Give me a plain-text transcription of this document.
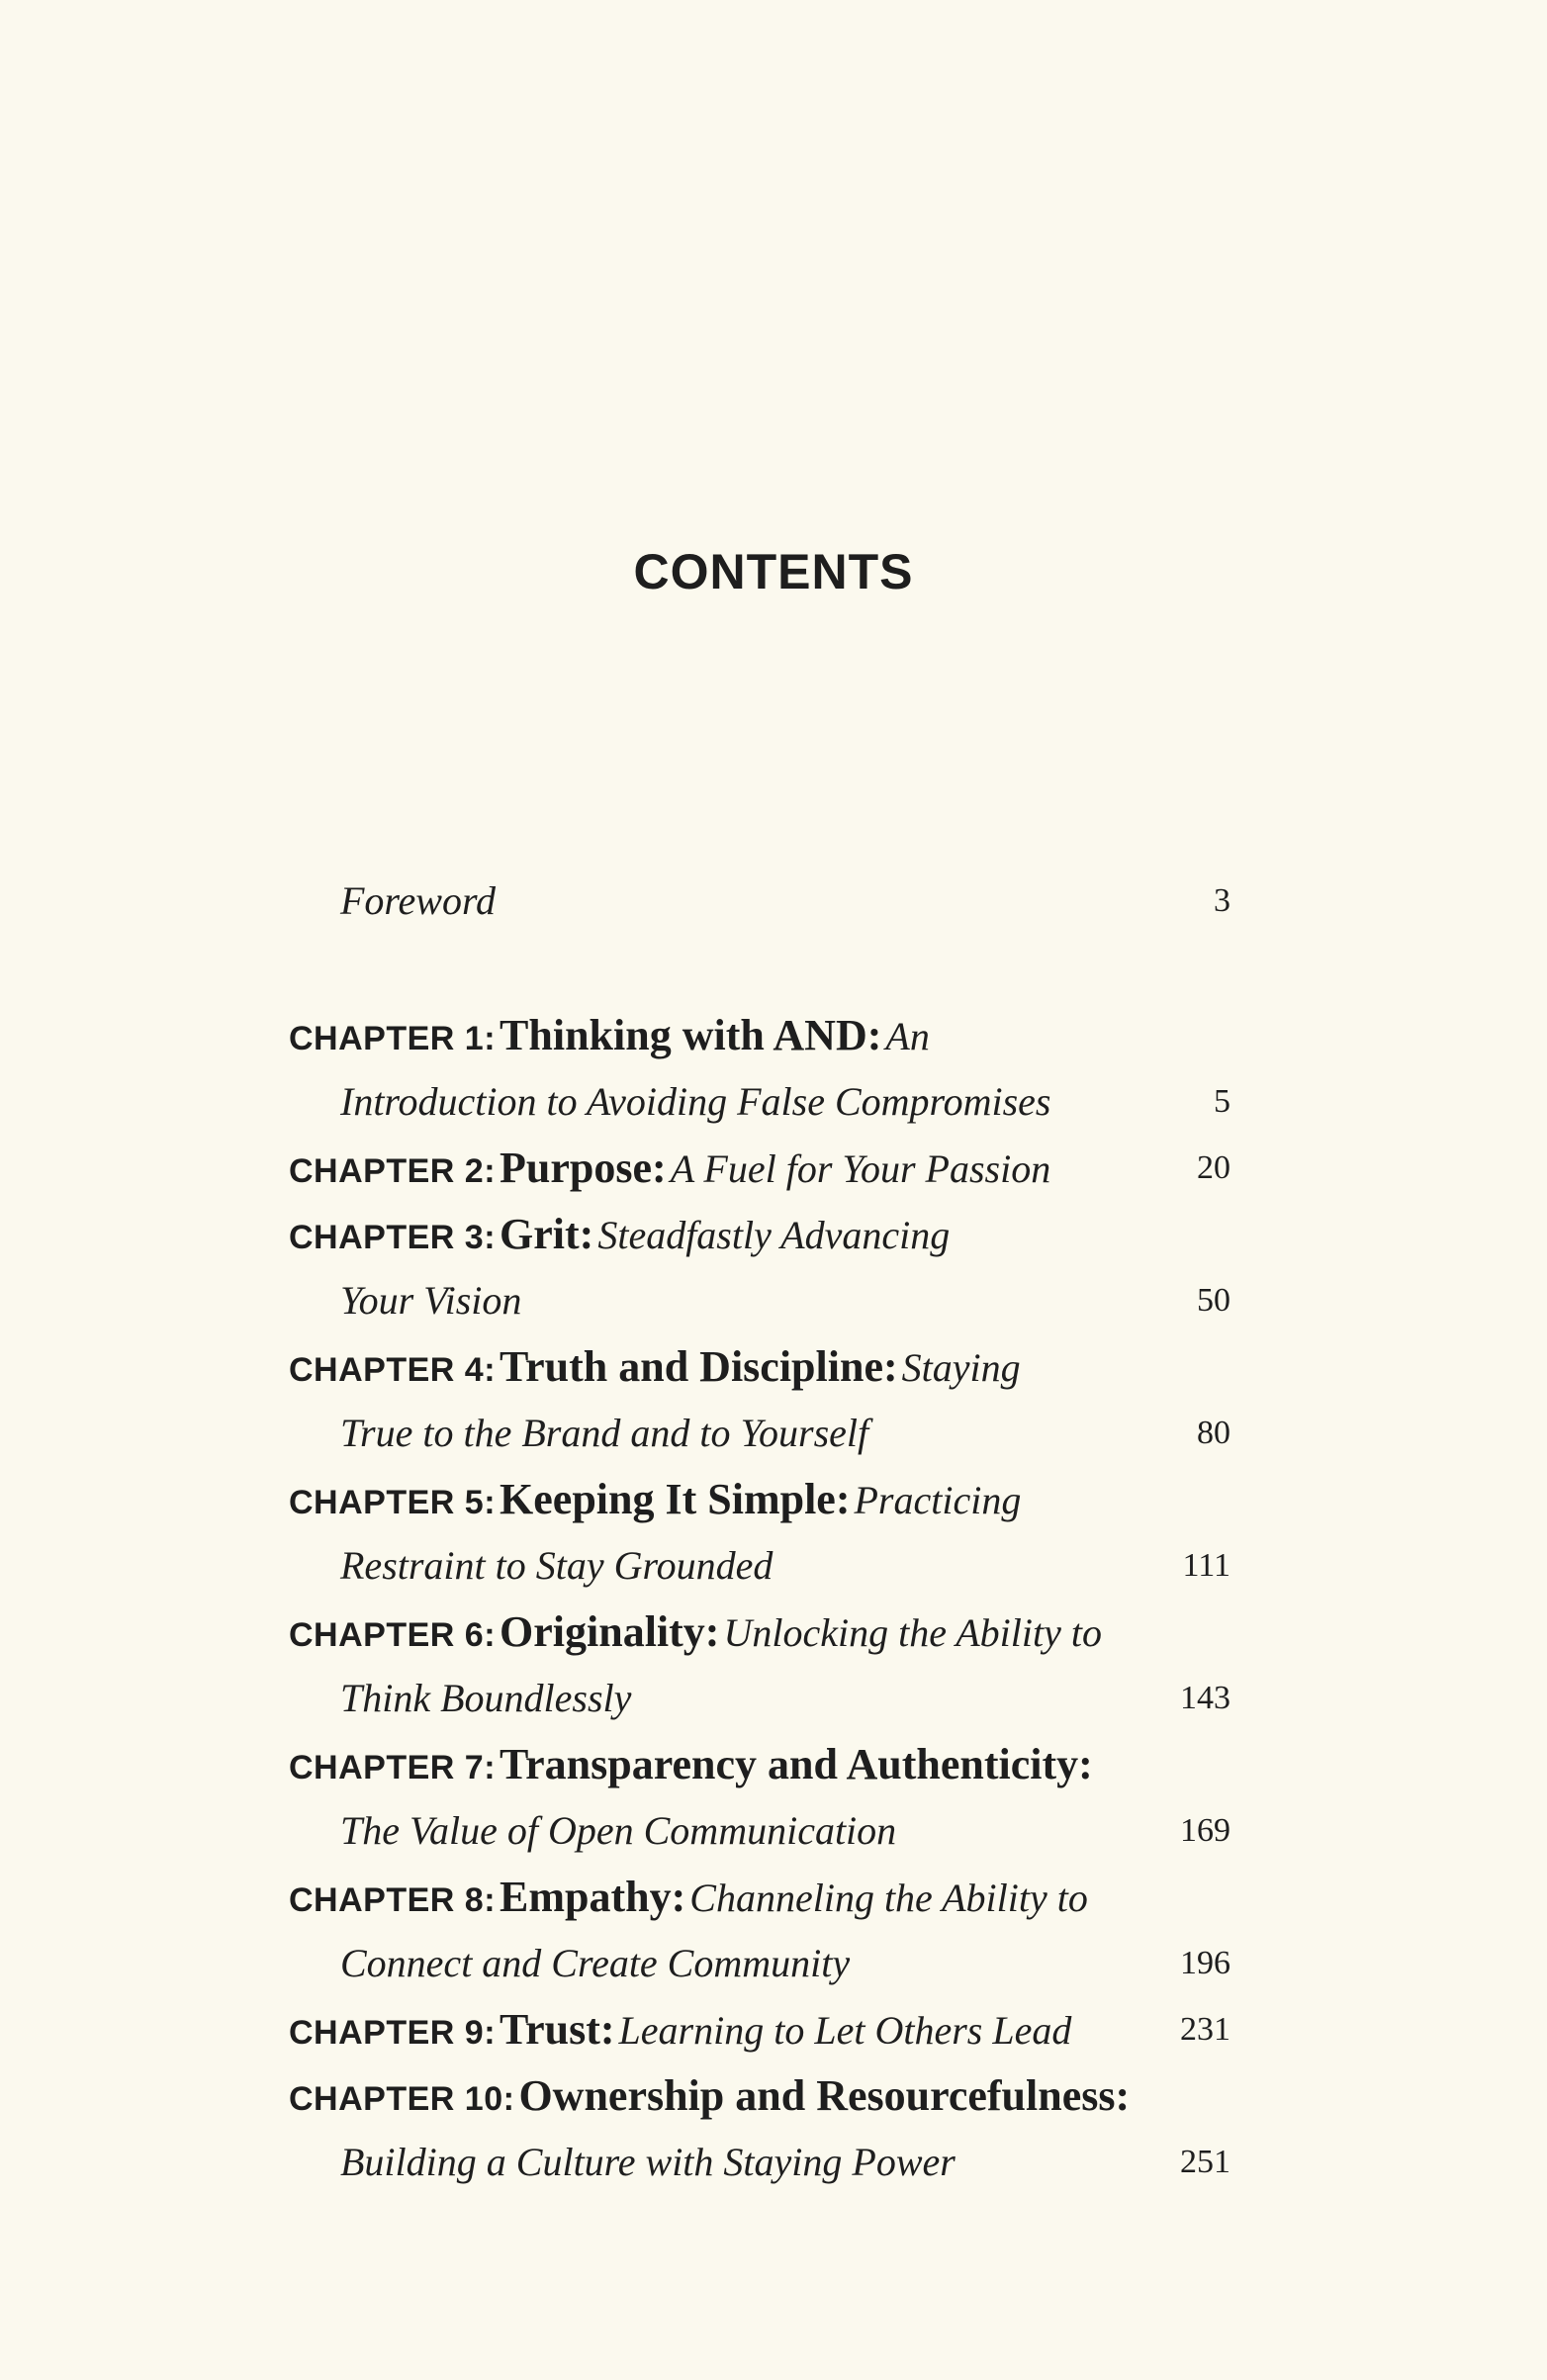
CONTENTS
Foreword	3
CHAPTER 1: Thinking with AND: An
Introduction to Avoiding False Compromises	5
CHAPTER 2: Purpose: A Fuel for Your Passion	20
CHAPTER 3: Grit: Steadfastly Advancing
Your Vision	50
CHAPTER 4: Truth and Discipline: Staying
True to the Brand and to Yourself	80
CHAPTER 5: Keeping It Simple: Practicing
Restraint to Stay Grounded	111
CHAPTER 6: Originality: Unlocking the Ability to
Think Boundlessly	143
CHAPTER 7: Transparency and Authenticity:
The Value of Open Communication	169
CHAPTER 8: Empathy: Channeling the Ability to
Connect and Create Community	196
CHAPTER 9: Trust: Learning to Let Others Lead	231
CHAPTER 10: Ownership and Resourcefulness:
Building a Culture with Staying Power	251
